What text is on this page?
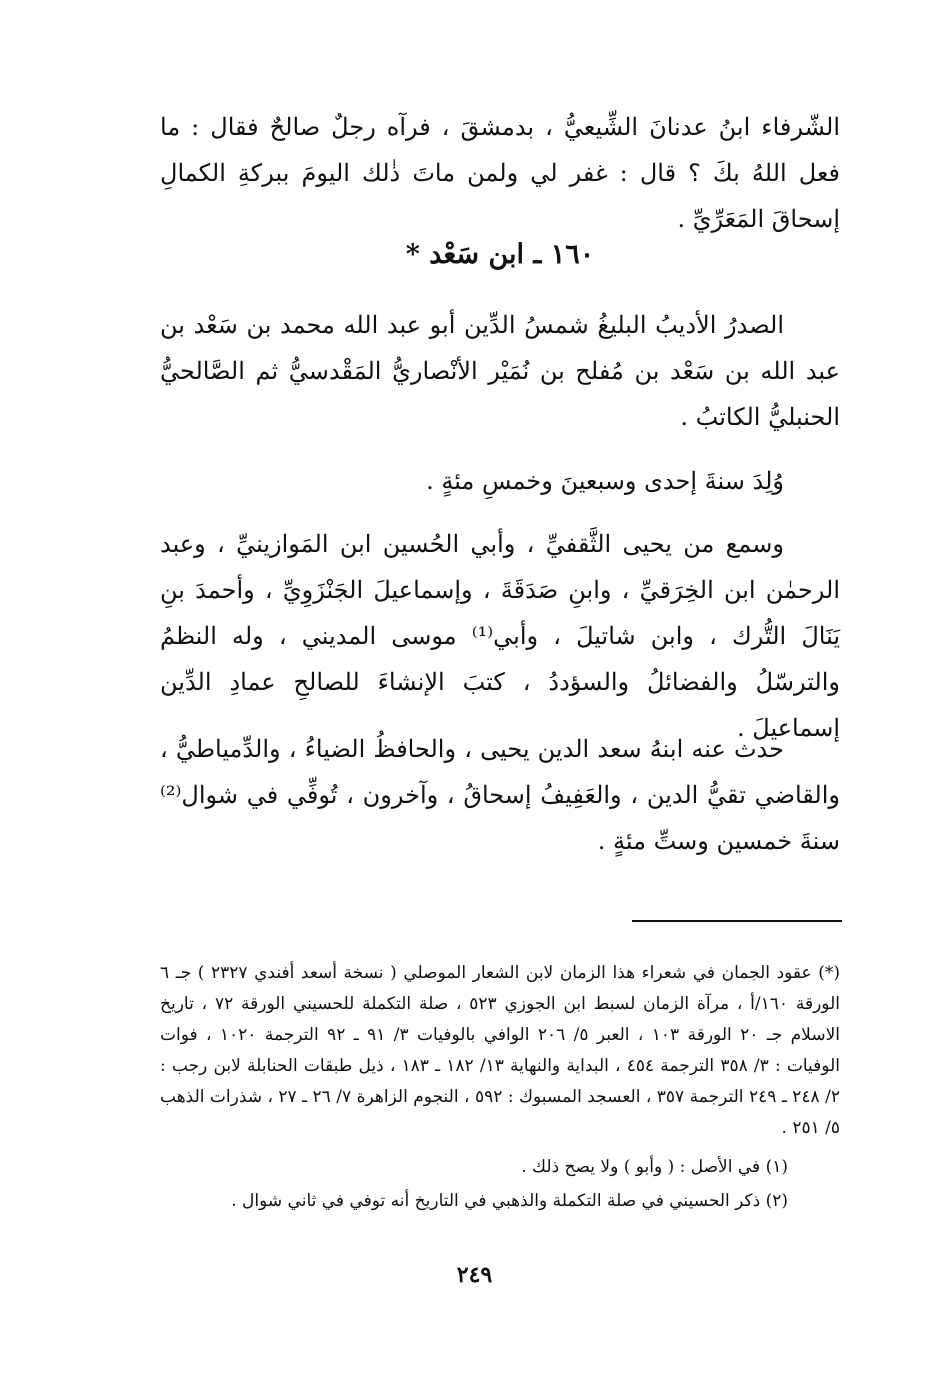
الشّرفاء ابنُ عدنانَ الشِّيعيُّ ، بدمشقَ ، فرآه رجلٌ صالحٌ فقال : ما فعل اللهُ بكَ ؟ قال : غفر لي ولمن ماتَ ذٰلك اليومَ ببركةِ الكمالِ إسحاقَ المَعَرِّيِّ .

١٦٠ ـ ابن سَعْد *

الصدرُ الأديبُ البليغُ شمسُ الدِّين أبو عبد الله محمد بن سَعْد بن عبد الله بن سَعْد بن مُفلح بن نُمَيْر الأنْصاريُّ المَقْدسيُّ ثم الصَّالحيُّ الحنبليُّ الكاتبُ .

وُلِدَ سنةَ إحدى وسبعينَ وخمسِ مئةٍ .

وسمع من يحيى الثَّقفيِّ ، وأبي الحُسين ابن المَوازينيِّ ، وعبد الرحمٰن ابن الخِرَقيِّ ، وابنِ صَدَقَةَ ، وإسماعيلَ الجَنْزَوِيِّ ، وأحمدَ بنِ يَنَالَ التُّرك ، وابن شاتيلَ ، وأبي⁽¹⁾ موسى المديني ، وله النظمُ والترسّلُ والفضائلُ والسؤددُ ، كتبَ الإنشاءَ للصالحِ عمادِ الدِّين إسماعيلَ .

حدث عنه ابنهُ سعد الدين يحيى ، والحافظُ الضياءُ ، والدِّمياطيُّ ، والقاضي تقيُّ الدين ، والعَفِيفُ إسحاقُ ، وآخرون ، تُوفِّي في شوال⁽²⁾ سنةَ خمسين وستِّ مئةٍ .

(*) عقود الجمان في شعراء هذا الزمان لابن الشعار الموصلي ( نسخة أسعد أفندي ٢٣٢٧ ) جـ ٦ الورقة ١٦٠/أ ، مرآة الزمان لسبط ابن الجوزي ٥٢٣ ، صلة التكملة للحسيني الورقة ٧٢ ، تاريخ الاسلام جـ ٢٠ الورقة ١٠٣ ، العبر ٥/ ٢٠٦ الوافي بالوفيات ٣/ ٩١ ـ ٩٢ الترجمة ١٠٢٠ ، فوات الوفيات : ٣/ ٣٥٨ الترجمة ٤٥٤ ، البداية والنهاية ١٣/ ١٨٢ ـ ١٨٣ ، ذيل طبقات الحنابلة لابن رجب : ٢/ ٢٤٨ ـ ٢٤٩ الترجمة ٣٥٧ ، العسجد المسبوك : ٥٩٢ ، النجوم الزاهرة ٧/ ٢٦ ـ ٢٧ ، شذرات الذهب ٥/ ٢٥١ .

(١) في الأصل : ( وأبو ) ولا يصح ذلك .

(٢) ذكر الحسيني في صلة التكملة والذهبي في التاريخ أنه توفي في ثاني شوال .

٢٤٩
